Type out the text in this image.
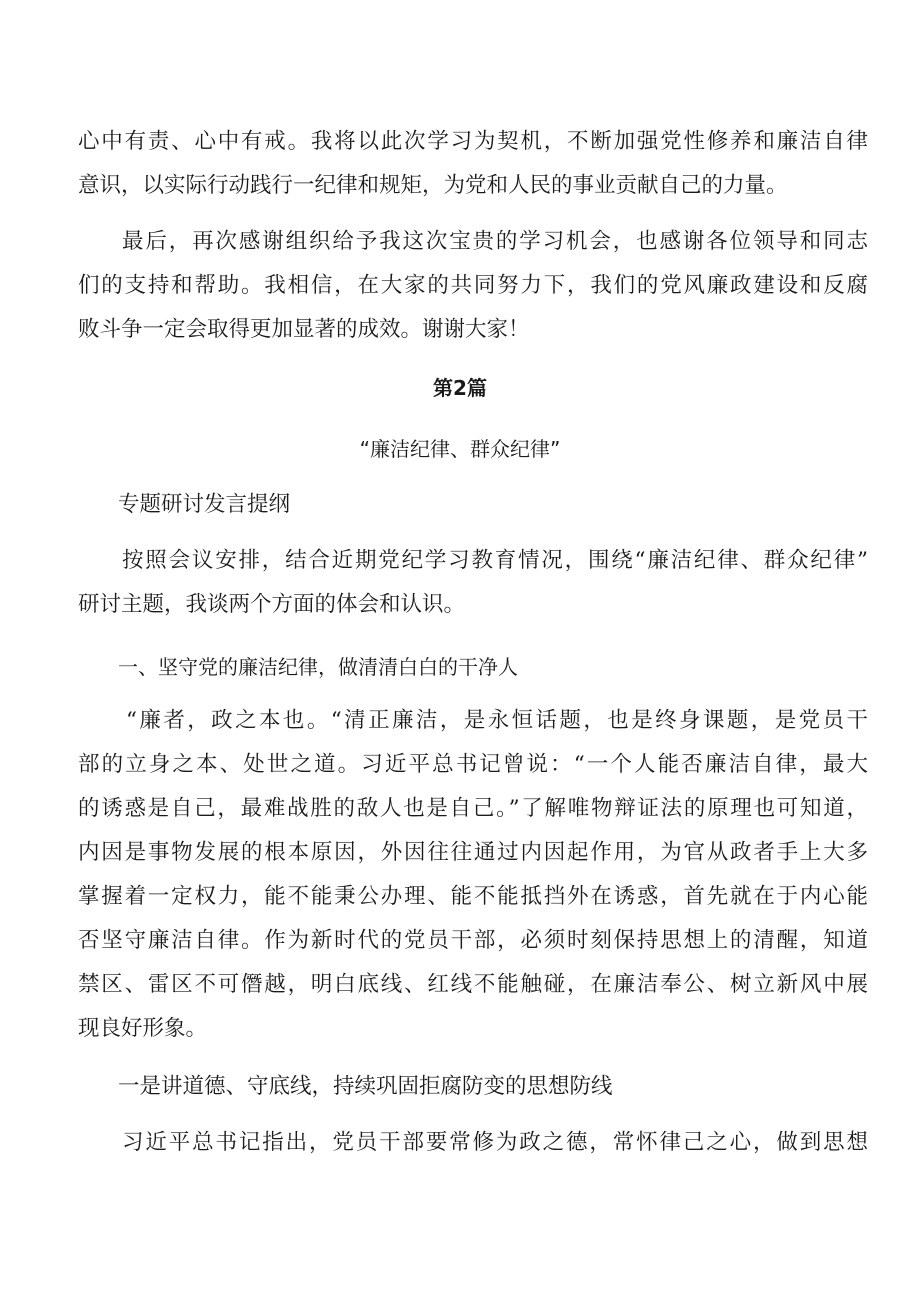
心中有责、心中有戒。我将以此次学习为契机，不断加强党性修养和廉洁自律
意识，以实际行动践行一纪律和规矩，为党和人民的事业贡献自己的力量。
最后，再次感谢组织给予我这次宝贵的学习机会，也感谢各位领导和同志
们的支持和帮助。我相信，在大家的共同努力下，我们的党风廉政建设和反腐
败斗争一定会取得更加显著的成效。谢谢大家！
第2篇
“廉洁纪律、群众纪律”
专题研讨发言提纲
按照会议安排，结合近期党纪学习教育情况，围绕“廉洁纪律、群众纪律”
研讨主题，我谈两个方面的体会和认识。
一、坚守党的廉洁纪律，做清清白白的干净人
“廉者，政之本也。“清正廉洁，是永恒话题，也是终身课题，是党员干
部的立身之本、处世之道。习近平总书记曾说：“一个人能否廉洁自律，最大
的诱惑是自己，最难战胜的敌人也是自己。”了解唯物辩证法的原理也可知道，
内因是事物发展的根本原因，外因往往通过内因起作用，为官从政者手上大多
掌握着一定权力，能不能秉公办理、能不能抵挡外在诱惑，首先就在于内心能
否坚守廉洁自律。作为新时代的党员干部，必须时刻保持思想上的清醒，知道
禁区、雷区不可僭越，明白底线、红线不能触碰，在廉洁奉公、树立新风中展
现良好形象。
一是讲道德、守底线，持续巩固拒腐防变的思想防线
习近平总书记指出，党员干部要常修为政之德，常怀律己之心，做到思想
